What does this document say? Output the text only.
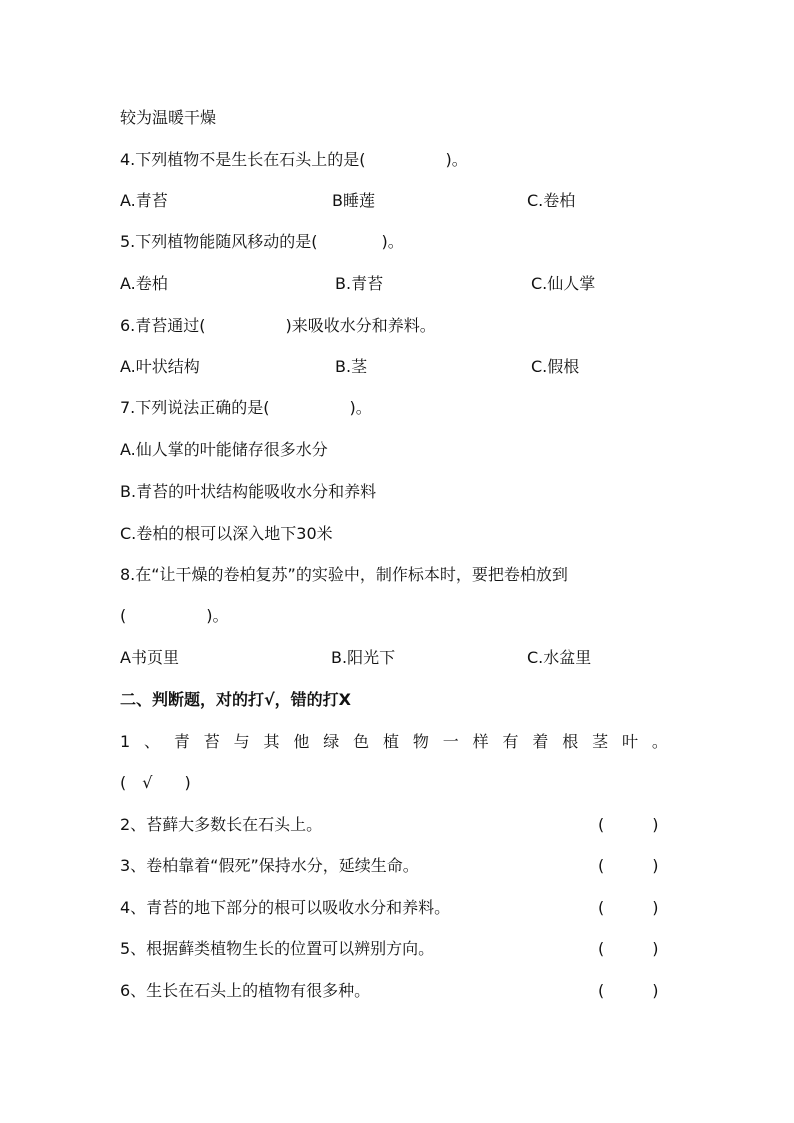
较为温暖干燥
4.下列植物不是生长在石头上的是(　　　　　)。
A.青苔	B睡莲	C.卷柏
5.下列植物能随风移动的是(　　　　)。
A.卷柏	B.青苔	C.仙人掌
6.青苔通过(　　　　　)来吸收水分和养料。
A.叶状结构	B.茎	C.假根
7.下列说法正确的是(　　　　　)。
A.仙人掌的叶能储存很多水分
B.青苔的叶状结构能吸收水分和养料
C.卷柏的根可以深入地下30米
8.在“让干燥的卷柏复苏”的实验中，制作标本时，要把卷柏放到
(　　　　　)。
A书页里	B.阳光下	C.水盆里
二、判断题，对的打√，错的打X
1 、 青 苔 与 其 他 绿 色 植 物 一 样 有 着 根 茎 叶 。
(　√　　)
2、苔藓大多数长在石头上。	(　　　)
3、卷柏靠着“假死”保持水分，延续生命。	(　　　)
4、青苔的地下部分的根可以吸收水分和养料。	(　　　)
5、根据藓类植物生长的位置可以辨别方向。	(　　　)
6、生长在石头上的植物有很多种。	(　　　)
